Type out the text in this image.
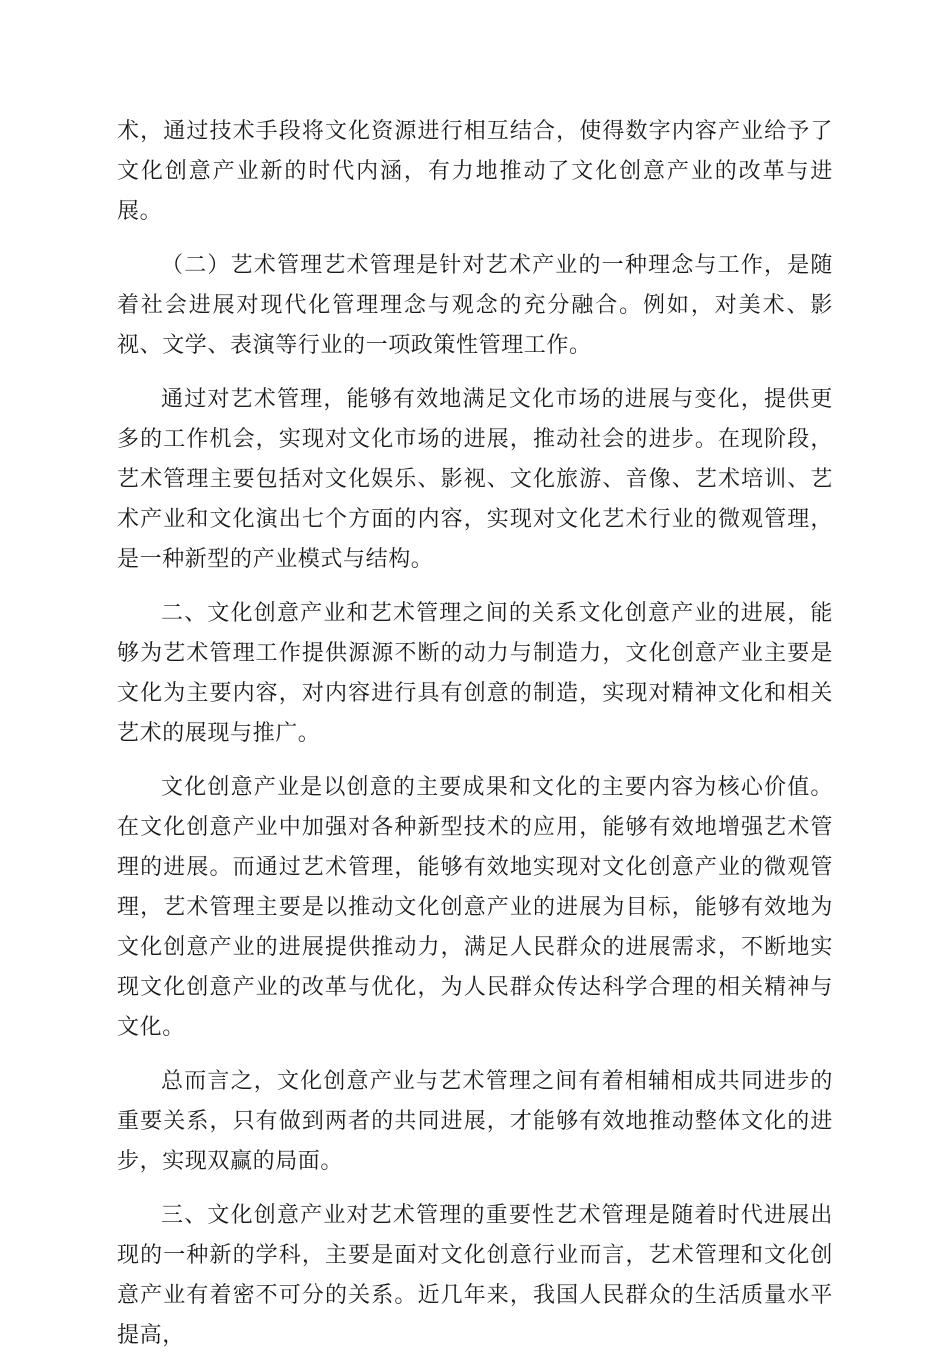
术，通过技术手段将文化资源进行相互结合，使得数字内容产业给予了文化创意产业新的时代内涵，有力地推动了文化创意产业的改革与进展。

（二）艺术管理艺术管理是针对艺术产业的一种理念与工作，是随着社会进展对现代化管理理念与观念的充分融合。例如，对美术、影视、文学、表演等行业的一项政策性管理工作。

通过对艺术管理，能够有效地满足文化市场的进展与变化，提供更多的工作机会，实现对文化市场的进展，推动社会的进步。在现阶段，艺术管理主要包括对文化娱乐、影视、文化旅游、音像、艺术培训、艺术产业和文化演出七个方面的内容，实现对文化艺术行业的微观管理，是一种新型的产业模式与结构。

二、文化创意产业和艺术管理之间的关系文化创意产业的进展，能够为艺术管理工作提供源源不断的动力与制造力，文化创意产业主要是文化为主要内容，对内容进行具有创意的制造，实现对精神文化和相关艺术的展现与推广。

文化创意产业是以创意的主要成果和文化的主要内容为核心价值。在文化创意产业中加强对各种新型技术的应用，能够有效地增强艺术管理的进展。而通过艺术管理，能够有效地实现对文化创意产业的微观管理，艺术管理主要是以推动文化创意产业的进展为目标，能够有效地为文化创意产业的进展提供推动力，满足人民群众的进展需求，不断地实现文化创意产业的改革与优化，为人民群众传达科学合理的相关精神与文化。

总而言之，文化创意产业与艺术管理之间有着相辅相成共同进步的重要关系，只有做到两者的共同进展，才能够有效地推动整体文化的进步，实现双赢的局面。

三、文化创意产业对艺术管理的重要性艺术管理是随着时代进展出现的一种新的学科，主要是面对文化创意行业而言，艺术管理和文化创意产业有着密不可分的关系。近几年来，我国人民群众的生活质量水平提高，
